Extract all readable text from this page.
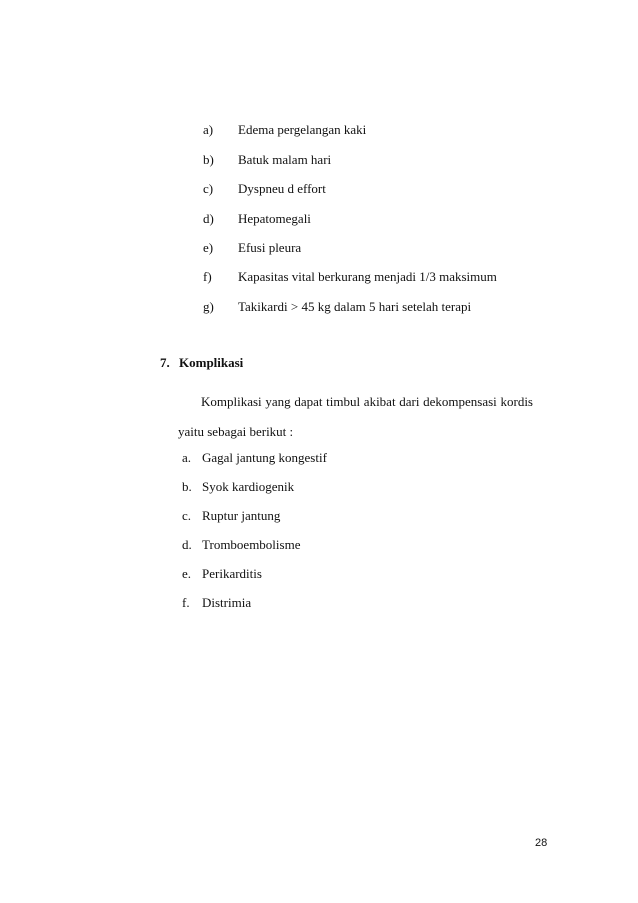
a) Edema pergelangan kaki
b) Batuk malam hari
c) Dyspneu d effort
d) Hepatomegali
e) Efusi pleura
f) Kapasitas vital berkurang menjadi 1/3 maksimum
g) Takikardi > 45 kg dalam 5 hari setelah terapi
7. Komplikasi
Komplikasi yang dapat timbul akibat dari dekompensasi kordis
yaitu sebagai berikut :
a. Gagal jantung kongestif
b. Syok kardiogenik
c. Ruptur jantung
d. Tromboembolisme
e. Perikarditis
f. Distrimia
28
